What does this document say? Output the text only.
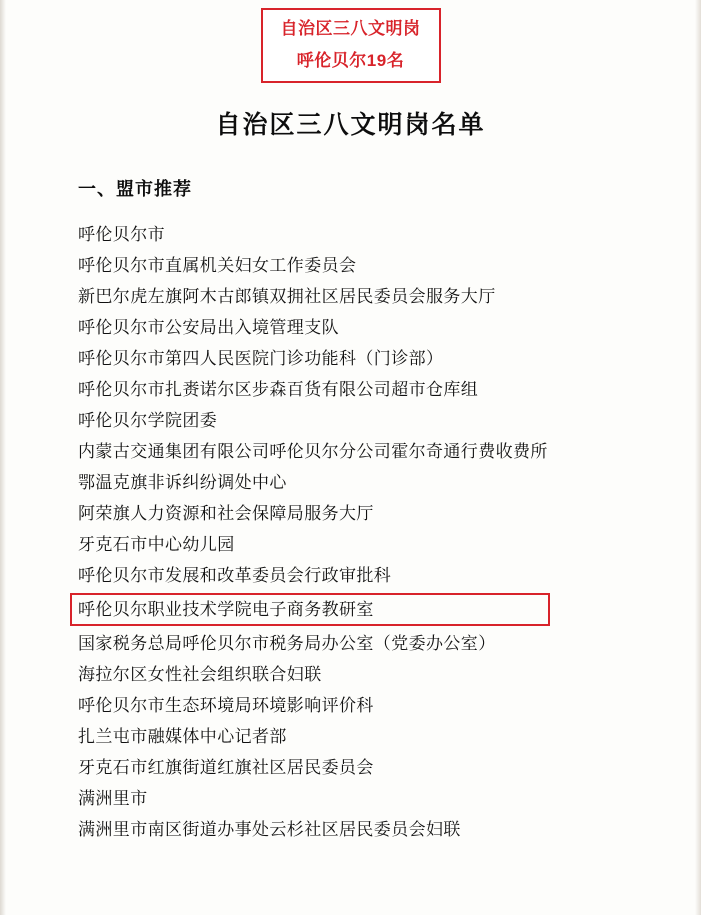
自治区三八文明岗
呼伦贝尔19名
自治区三八文明岗名单
一、盟市推荐
呼伦贝尔市
呼伦贝尔市直属机关妇女工作委员会
新巴尔虎左旗阿木古郎镇双拥社区居民委员会服务大厅
呼伦贝尔市公安局出入境管理支队
呼伦贝尔市第四人民医院门诊功能科（门诊部）
呼伦贝尔市扎赉诺尔区步森百货有限公司超市仓库组
呼伦贝尔学院团委
内蒙古交通集团有限公司呼伦贝尔分公司霍尔奇通行费收费所
鄂温克旗非诉纠纷调处中心
阿荣旗人力资源和社会保障局服务大厅
牙克石市中心幼儿园
呼伦贝尔市发展和改革委员会行政审批科
呼伦贝尔职业技术学院电子商务教研室
国家税务总局呼伦贝尔市税务局办公室（党委办公室）
海拉尔区女性社会组织联合妇联
呼伦贝尔市生态环境局环境影响评价科
扎兰屯市融媒体中心记者部
牙克石市红旗街道红旗社区居民委员会
满洲里市
满洲里市南区街道办事处云杉社区居民委员会妇联
